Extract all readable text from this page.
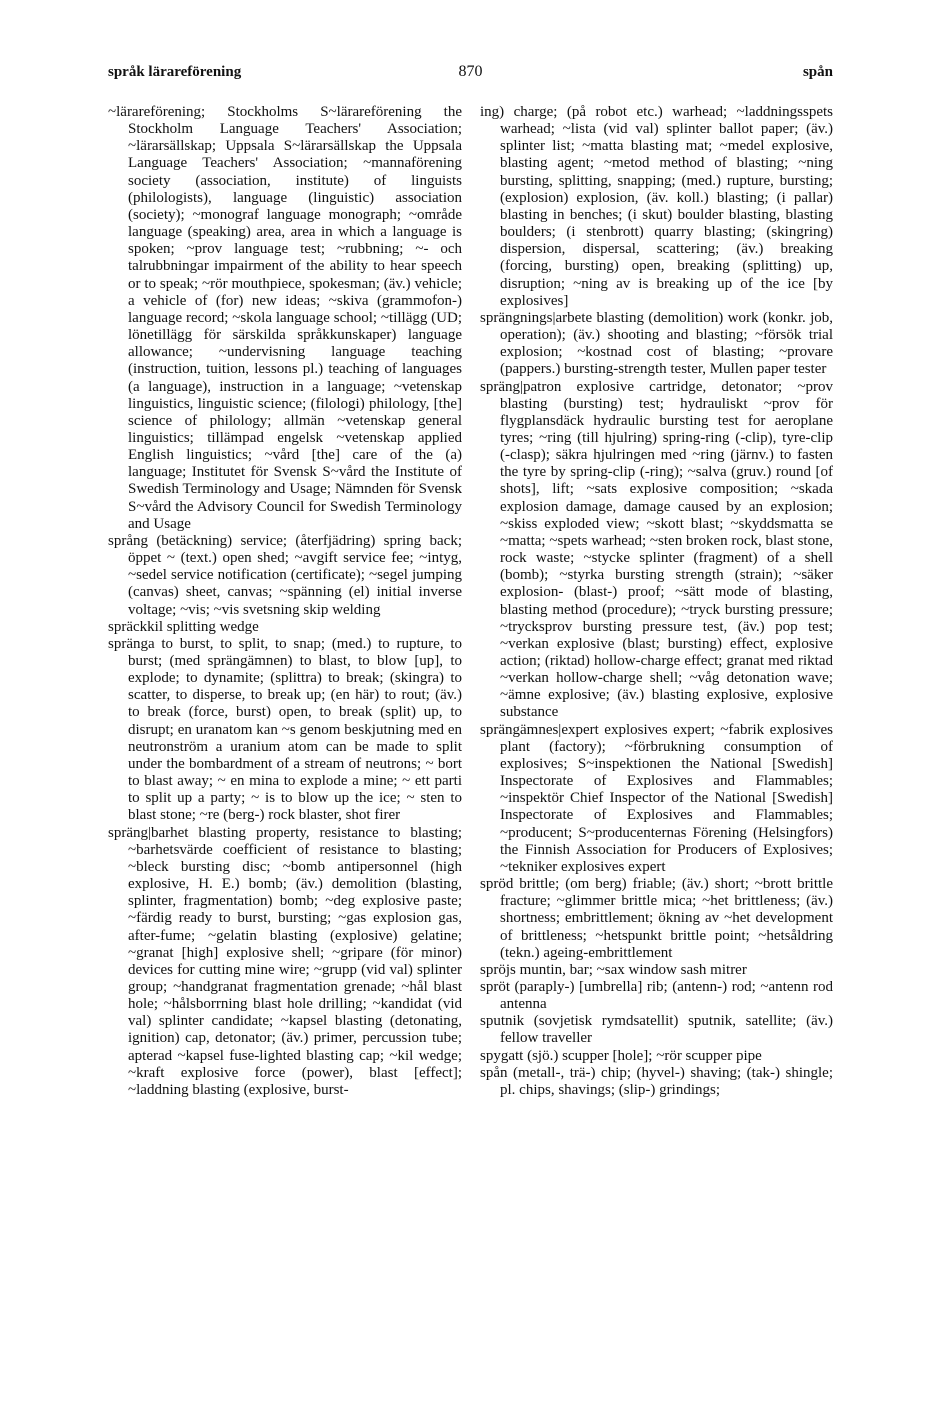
språk lärareförening	870	spån

~lärareförening; Stockholms S~lärareförening the Stockholm Language Teachers' Association; ~lärarsällskap; Uppsala S~lärarsällskap the Uppsala Language Teachers' Association; ~mannaförening society (association, institute) of linguists (philologists), language (linguistic) association (society); ~monograf language monograph; ~område language (speaking) area, area in which a language is spoken; ~prov language test; ~rubbning; ~- och talrubbningar impairment of the ability to hear speech or to speak; ~rör mouthpiece, spokesman; (äv.) vehicle; a vehicle of (for) new ideas; ~skiva (grammofon-) language record; ~skola language school; ~tillägg (UD; lönetillägg för särskilda språkkunskaper) language allowance; ~undervisning language teaching (instruction, tuition, lessons pl.) teaching of languages (a language), instruction in a language; ~vetenskap linguistics, linguistic science; (filologi) philology, [the] science of philology; allmän ~vetenskap general linguistics; tillämpad engelsk ~vetenskap applied English linguistics; ~vård [the] care of the (a) language; Institutet för Svensk S~vård the Institute of Swedish Terminology and Usage; Nämnden för Svensk S~vård the Advisory Council for Swedish Terminology and Usage

språng (betäckning) service; (återfjädring) spring back; öppet ~ (text.) open shed; ~avgift service fee; ~intyg, ~sedel service notification (certificate); ~segel jumping (canvas) sheet, canvas; ~spänning (el) initial inverse voltage; ~vis; ~vis svetsning skip welding

spräckkil splitting wedge

spränga to burst, to split, to snap; (med.) to rupture, to burst; (med sprängämnen) to blast, to blow [up], to explode; to dynamite; (splittra) to break; (skingra) to scatter, to disperse, to break up; (en här) to rout; (äv.) to break (force, burst) open, to break (split) up, to disrupt; en uranatom kan ~s genom beskjutning med en neutronström a uranium atom can be made to split under the bombardment of a stream of neutrons; ~ bort to blast away; ~ en mina to explode a mine; ~ ett parti to split up a party; ~ is to blow up the ice; ~ sten to blast stone; ~re (berg-) rock blaster, shot firer

spräng|barhet blasting property, resistance to blasting; ~barhetsvärde coefficient of resistance to blasting; ~bleck bursting disc; ~bomb antipersonnel (high explosive, H. E.) bomb; (äv.) demolition (blasting, splinter, fragmentation) bomb; ~deg explosive paste; ~färdig ready to burst, bursting; ~gas explosion gas, after-fume; ~gelatin blasting (explosive) gelatine; ~granat [high] explosive shell; ~gripare (för minor) devices for cutting mine wire; ~grupp (vid val) splinter group; ~handgranat fragmentation grenade; ~hål blast hole; ~hålsborrning blast hole drilling; ~kandidat (vid val) splinter candidate; ~kapsel blasting (detonating, ignition) cap, detonator; (äv.) primer, percussion tube; apterad ~kapsel fuse-lighted blasting cap; ~kil wedge; ~kraft explosive force (power), blast [effect]; ~laddning blasting (explosive, burst-

ing) charge; (på robot etc.) warhead; ~laddningsspets warhead; ~lista (vid val) splinter ballot paper; (äv.) splinter list; ~matta blasting mat; ~medel explosive, blasting agent; ~metod method of blasting; ~ning bursting, splitting, snapping; (med.) rupture, bursting; (explosion) explosion, (äv. koll.) blasting; (i pallar) blasting in benches; (i skut) boulder blasting, blasting boulders; (i stenbrott) quarry blasting; (skingring) dispersion, dispersal, scattering; (äv.) breaking (forcing, bursting) open, breaking (splitting) up, disruption; ~ning av is breaking up of the ice [by explosives]

sprängnings|arbete blasting (demolition) work (konkr. job, operation); (äv.) shooting and blasting; ~försök trial explosion; ~kostnad cost of blasting; ~provare (pappers.) bursting-strength tester, Mullen paper tester

spräng|patron explosive cartridge, detonator; ~prov blasting (bursting) test; hydrauliskt ~prov för flygplansdäck hydraulic bursting test for aeroplane tyres; ~ring (till hjulring) spring-ring (-clip), tyre-clip (-clasp); säkra hjulringen med ~ring (järnv.) to fasten the tyre by spring-clip (-ring); ~salva (gruv.) round [of shots], lift; ~sats explosive composition; ~skada explosion damage, damage caused by an explosion; ~skiss exploded view; ~skott blast; ~skyddsmatta se ~matta; ~spets warhead; ~sten broken rock, blast stone, rock waste; ~stycke splinter (fragment) of a shell (bomb); ~styrka bursting strength (strain); ~säker explosion- (blast-) proof; ~sätt mode of blasting, blasting method (procedure); ~tryck bursting pressure; ~trycksprov bursting pressure test, (äv.) pop test; ~verkan explosive (blast; bursting) effect, explosive action; (riktad) hollow-charge effect; granat med riktad ~verkan hollow-charge shell; ~våg detonation wave; ~ämne explosive; (äv.) blasting explosive, explosive substance

sprängämnes|expert explosives expert; ~fabrik explosives plant (factory); ~förbrukning consumption of explosives; S~inspektionen the National [Swedish] Inspectorate of Explosives and Flammables; ~inspektör Chief Inspector of the National [Swedish] Inspectorate of Explosives and Flammables; ~producent; S~producenternas Förening (Helsingfors) the Finnish Association for Producers of Explosives; ~tekniker explosives expert

spröd brittle; (om berg) friable; (äv.) short; ~brott brittle fracture; ~glimmer brittle mica; ~het brittleness; (äv.) shortness; embrittlement; ökning av ~het development of brittleness; ~hetspunkt brittle point; ~hetsåldring (tekn.) ageing-embrittlement

spröjs muntin, bar; ~sax window sash mitrer

spröt (paraply-) [umbrella] rib; (antenn-) rod; ~antenn rod antenna

sputnik (sovjetisk rymdsatellit) sputnik, satellite; (äv.) fellow traveller

spygatt (sjö.) scupper [hole]; ~rör scupper pipe

spån (metall-, trä-) chip; (hyvel-) shaving; (tak-) shingle; pl. chips, shavings; (slip-) grindings;
